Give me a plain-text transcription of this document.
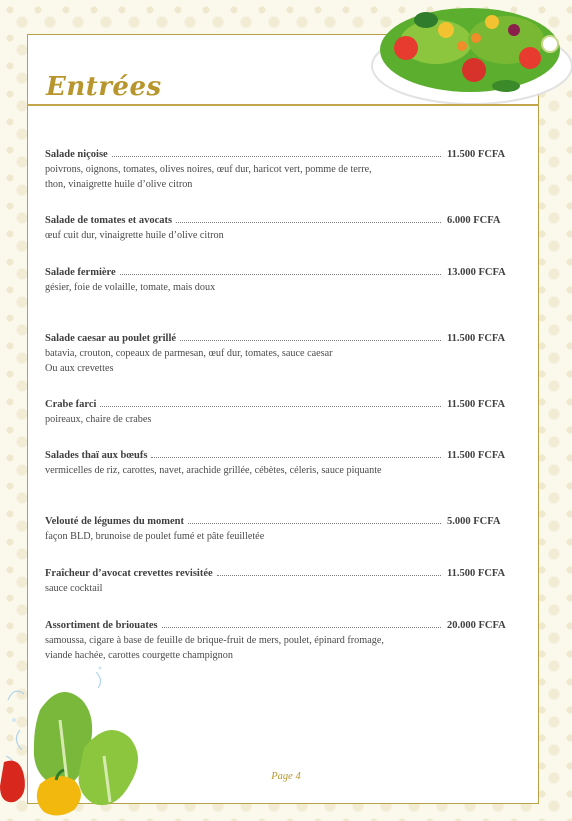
Entrées
Salade niçoise	11.500 FCFA
poivrons, oignons, tomates, olives noires, œuf dur, haricot vert, pomme de terre, thon, vinaigrette huile d’olive citron
Salade de tomates et avocats	6.000 FCFA
œuf cuit dur, vinaigrette huile d’olive citron
Salade fermière	13.000 FCFA
gésier, foie de volaille, tomate, mais doux
Salade caesar au poulet grillé	11.500 FCFA
batavia, crouton, copeaux de parmesan, œuf dur, tomates, sauce caesar
Ou aux crevettes
Crabe farci	11.500 FCFA
poireaux, chaire de crabes
Salades thaï aux bœufs	11.500 FCFA
vermicelles de riz, carottes, navet, arachide grillée, cébètes, céleris, sauce piquante
Velouté de légumes du moment	5.000 FCFA
façon BLD, brunoise de poulet fumé et pâte feuilletée
Fraîcheur d’avocat crevettes revisitée	11.500 FCFA
sauce cocktail
Assortiment de briouates	20.000 FCFA
samoussa, cigare à base de feuille de brique-fruit de mers, poulet, épinard fromage, viande hachée, carottes courgette champignon
Page 4
